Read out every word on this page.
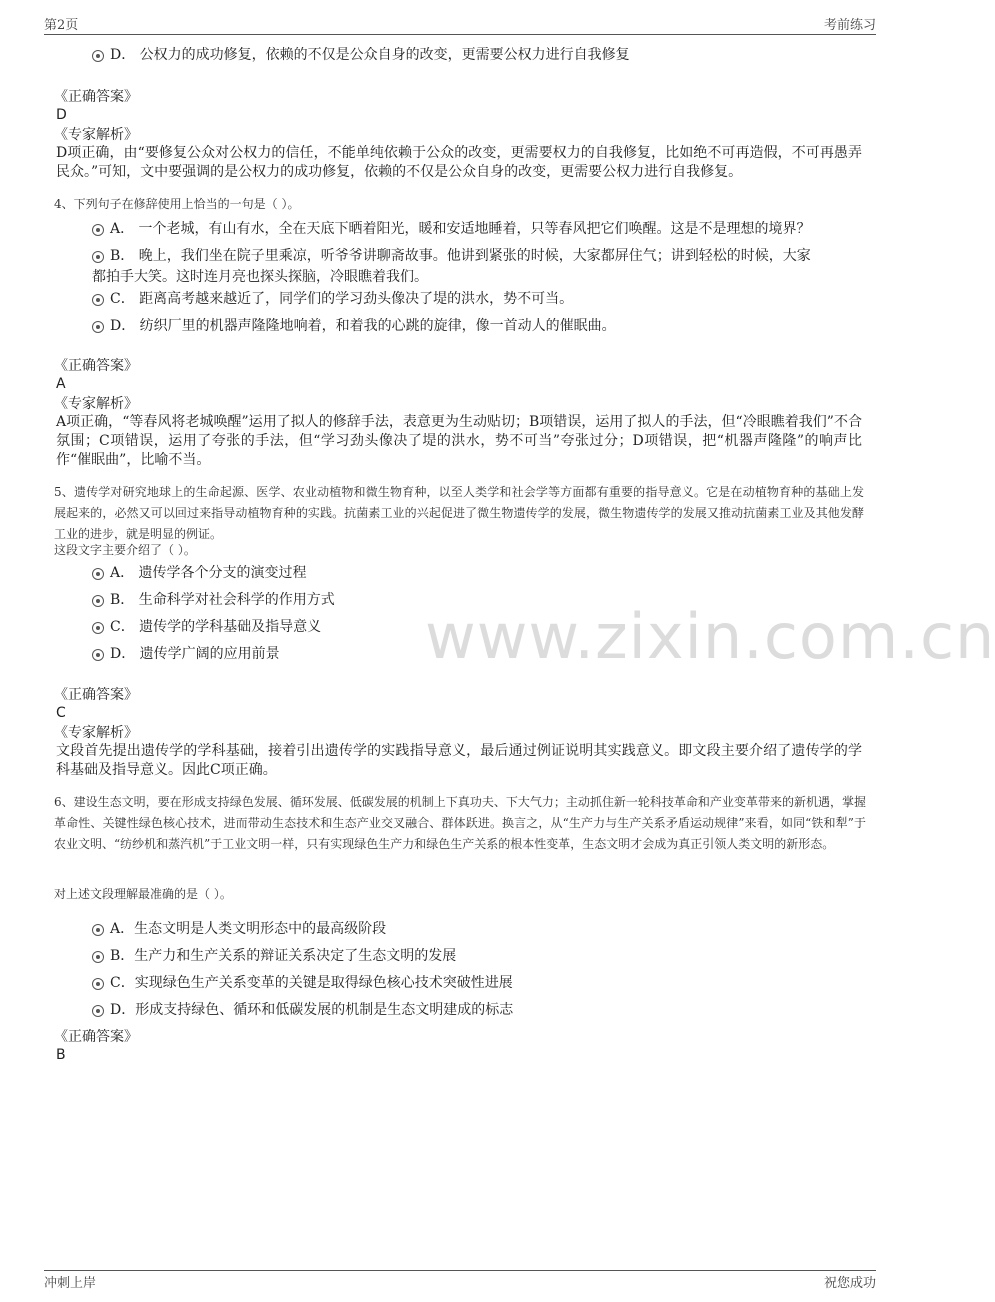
第2页	考前练习
www.zixin.com.cn
D． 公权力的成功修复，依赖的不仅是公众自身的改变，更需要公权力进行自我修复
《正确答案》
D
《专家解析》
D项正确，由“要修复公众对公权力的信任，不能单纯依赖于公众的改变，更需要权力的自我修复，比如绝不可再造假，不可再愚弄民众。”可知，文中要强调的是公权力的成功修复，依赖的不仅是公众自身的改变，更需要公权力进行自我修复。
4、下列句子在修辞使用上恰当的一句是（ ）。
A． 一个老城，有山有水，全在天底下晒着阳光，暖和安适地睡着，只等春风把它们唤醒。这是不是理想的境界？
B． 晚上，我们坐在院子里乘凉，听爷爷讲聊斋故事。他讲到紧张的时候，大家都屏住气；讲到轻松的时候，大家
都拍手大笑。这时连月亮也探头探脑，冷眼瞧着我们。
C． 距离高考越来越近了，同学们的学习劲头像决了堤的洪水，势不可当。
D． 纺织厂里的机器声隆隆地响着，和着我的心跳的旋律，像一首动人的催眠曲。
《正确答案》
A
《专家解析》
A项正确，“等春风将老城唤醒”运用了拟人的修辞手法，表意更为生动贴切；B项错误，运用了拟人的手法，但“冷眼瞧着我们”不合氛围；C项错误，运用了夸张的手法，但“学习劲头像决了堤的洪水，势不可当”夸张过分；D项错误，把“机器声隆隆”的响声比作“催眠曲”，比喻不当。
5、遗传学对研究地球上的生命起源、医学、农业动植物和微生物育种，以至人类学和社会学等方面都有重要的指导意义。它是在动植物育种的基础上发展起来的，必然又可以回过来指导动植物育种的实践。抗菌素工业的兴起促进了微生物遗传学的发展，微生物遗传学的发展又推动抗菌素工业及其他发酵工业的进步，就是明显的例证。
这段文字主要介绍了（ ）。
A． 遗传学各个分支的演变过程
B． 生命科学对社会科学的作用方式
C． 遗传学的学科基础及指导意义
D． 遗传学广阔的应用前景
《正确答案》
C
《专家解析》
文段首先提出遗传学的学科基础，接着引出遗传学的实践指导意义，最后通过例证说明其实践意义。即文段主要介绍了遗传学的学科基础及指导意义。因此C项正确。
6、建设生态文明，要在形成支持绿色发展、循环发展、低碳发展的机制上下真功夫、下大气力；主动抓住新一轮科技革命和产业变革带来的新机遇，掌握革命性、关键性绿色核心技术，进而带动生态技术和生态产业交叉融合、群体跃进。换言之，从“生产力与生产关系矛盾运动规律”来看，如同“铁和犁”于农业文明、“纺纱机和蒸汽机”于工业文明一样，只有实现绿色生产力和绿色生产关系的根本性变革，生态文明才会成为真正引领人类文明的新形态。
对上述文段理解最准确的是（ ）。
A．生态文明是人类文明形态中的最高级阶段
B．生产力和生产关系的辩证关系决定了生态文明的发展
C．实现绿色生产关系变革的关键是取得绿色核心技术突破性进展
D．形成支持绿色、循环和低碳发展的机制是生态文明建成的标志
《正确答案》
B
冲刺上岸	祝您成功
